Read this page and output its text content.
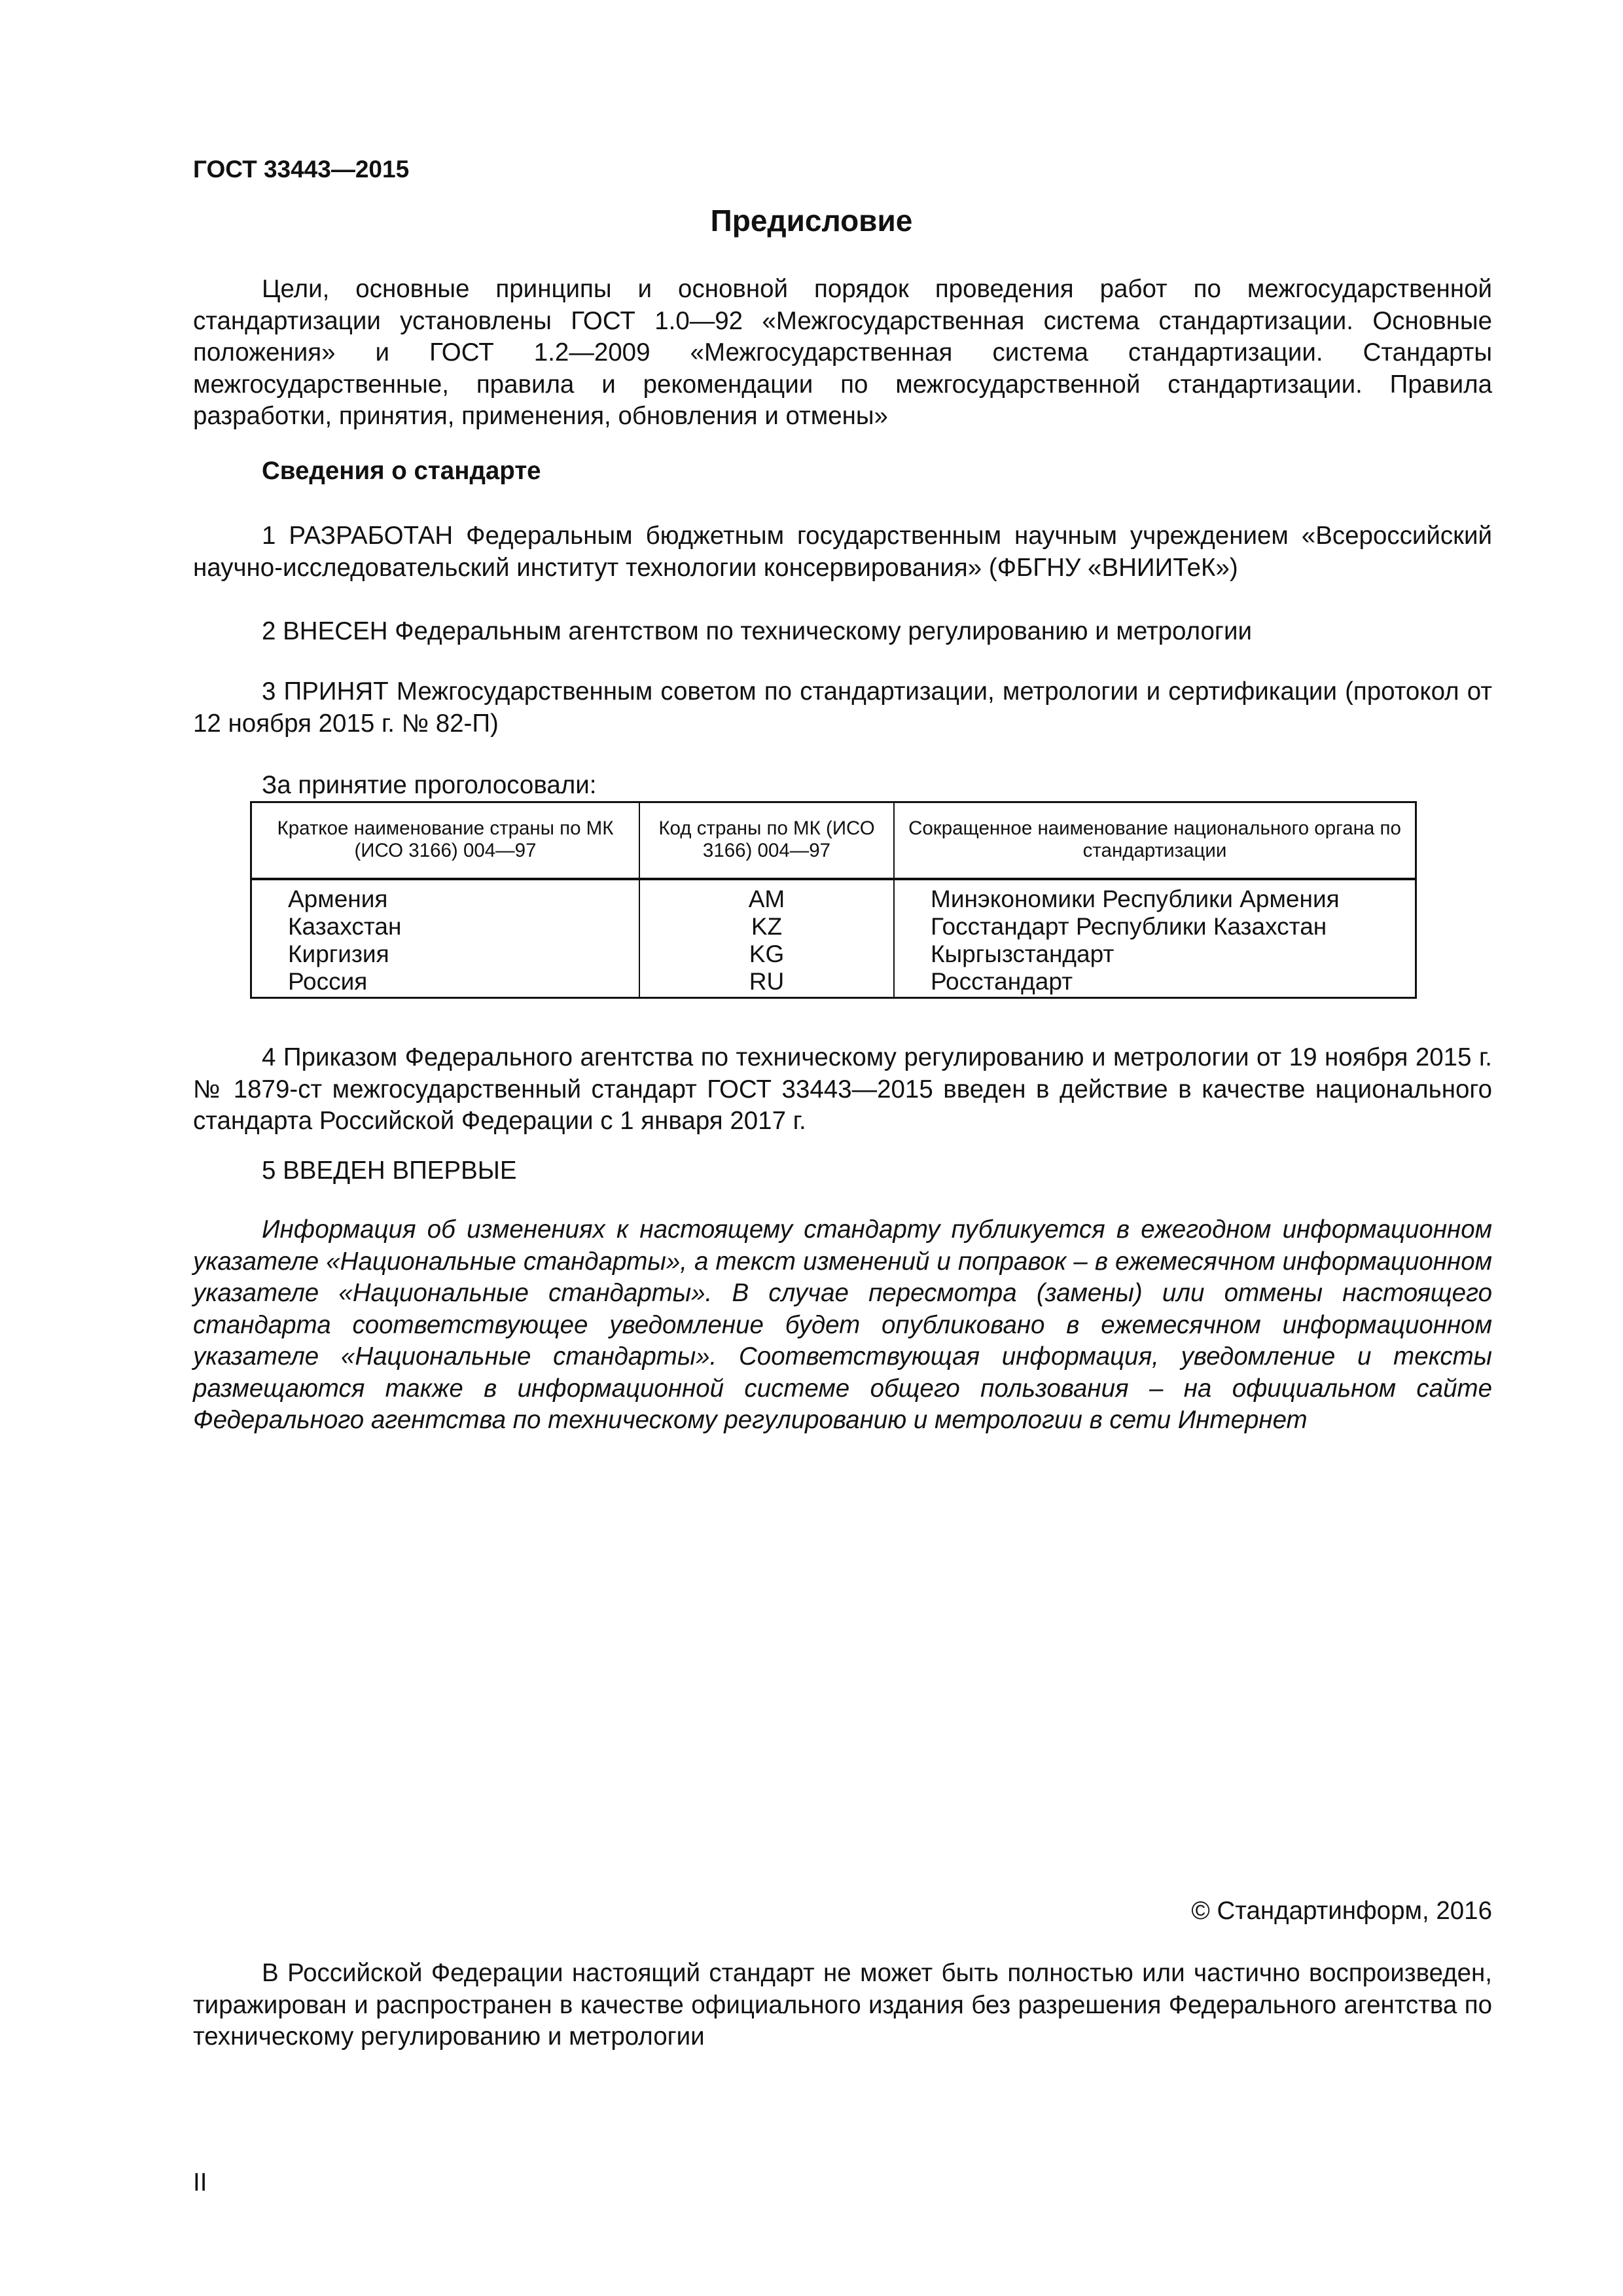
ГОСТ 33443—2015
Предисловие
Цели, основные принципы и основной порядок проведения работ по межгосударственной стандартизации установлены ГОСТ 1.0—92 «Межгосударственная система стандартизации. Основные положения» и ГОСТ 1.2—2009 «Межгосударственная система стандартизации. Стандарты межгосударственные, правила и рекомендации по межгосударственной стандартизации. Правила разработки, принятия, применения, обновления и отмены»
Сведения о стандарте
1 РАЗРАБОТАН Федеральным бюджетным государственным научным учреждением «Всероссийский научно-исследовательский институт технологии консервирования» (ФБГНУ «ВНИИТеК»)
2 ВНЕСЕН Федеральным агентством по техническому регулированию и метрологии
3 ПРИНЯТ Межгосударственным советом по стандартизации, метрологии и сертификации (протокол от 12 ноября 2015 г. № 82-П)
За принятие проголосовали:
Краткое наименование страны по МК (ИСО 3166) 004—97	Код страны по МК (ИСО 3166) 004—97	Сокращенное наименование национального органа по стандартизации
Армения	AM	Минэкономики Республики Армения
Казахстан	KZ	Госстандарт Республики Казахстан
Киргизия	KG	Кыргызстандарт
Россия	RU	Росстандарт
4 Приказом Федерального агентства по техническому регулированию и метрологии от 19 ноября 2015 г. № 1879-ст межгосударственный стандарт ГОСТ 33443—2015 введен в действие в качестве национального стандарта Российской Федерации с 1 января 2017 г.
5 ВВЕДЕН ВПЕРВЫЕ
Информация об изменениях к настоящему стандарту публикуется в ежегодном информационном указателе «Национальные стандарты», а текст изменений и поправок – в ежемесячном информационном указателе «Национальные стандарты». В случае пересмотра (замены) или отмены настоящего стандарта соответствующее уведомление будет опубликовано в ежемесячном информационном указателе «Национальные стандарты». Соответствующая информация, уведомление и тексты размещаются также в информационной системе общего пользования – на официальном сайте Федерального агентства по техническому регулированию и метрологии в сети Интернет
© Стандартинформ, 2016
В Российской Федерации настоящий стандарт не может быть полностью или частично воспроизведен, тиражирован и распространен в качестве официального издания без разрешения Федерального агентства по техническому регулированию и метрологии
II
